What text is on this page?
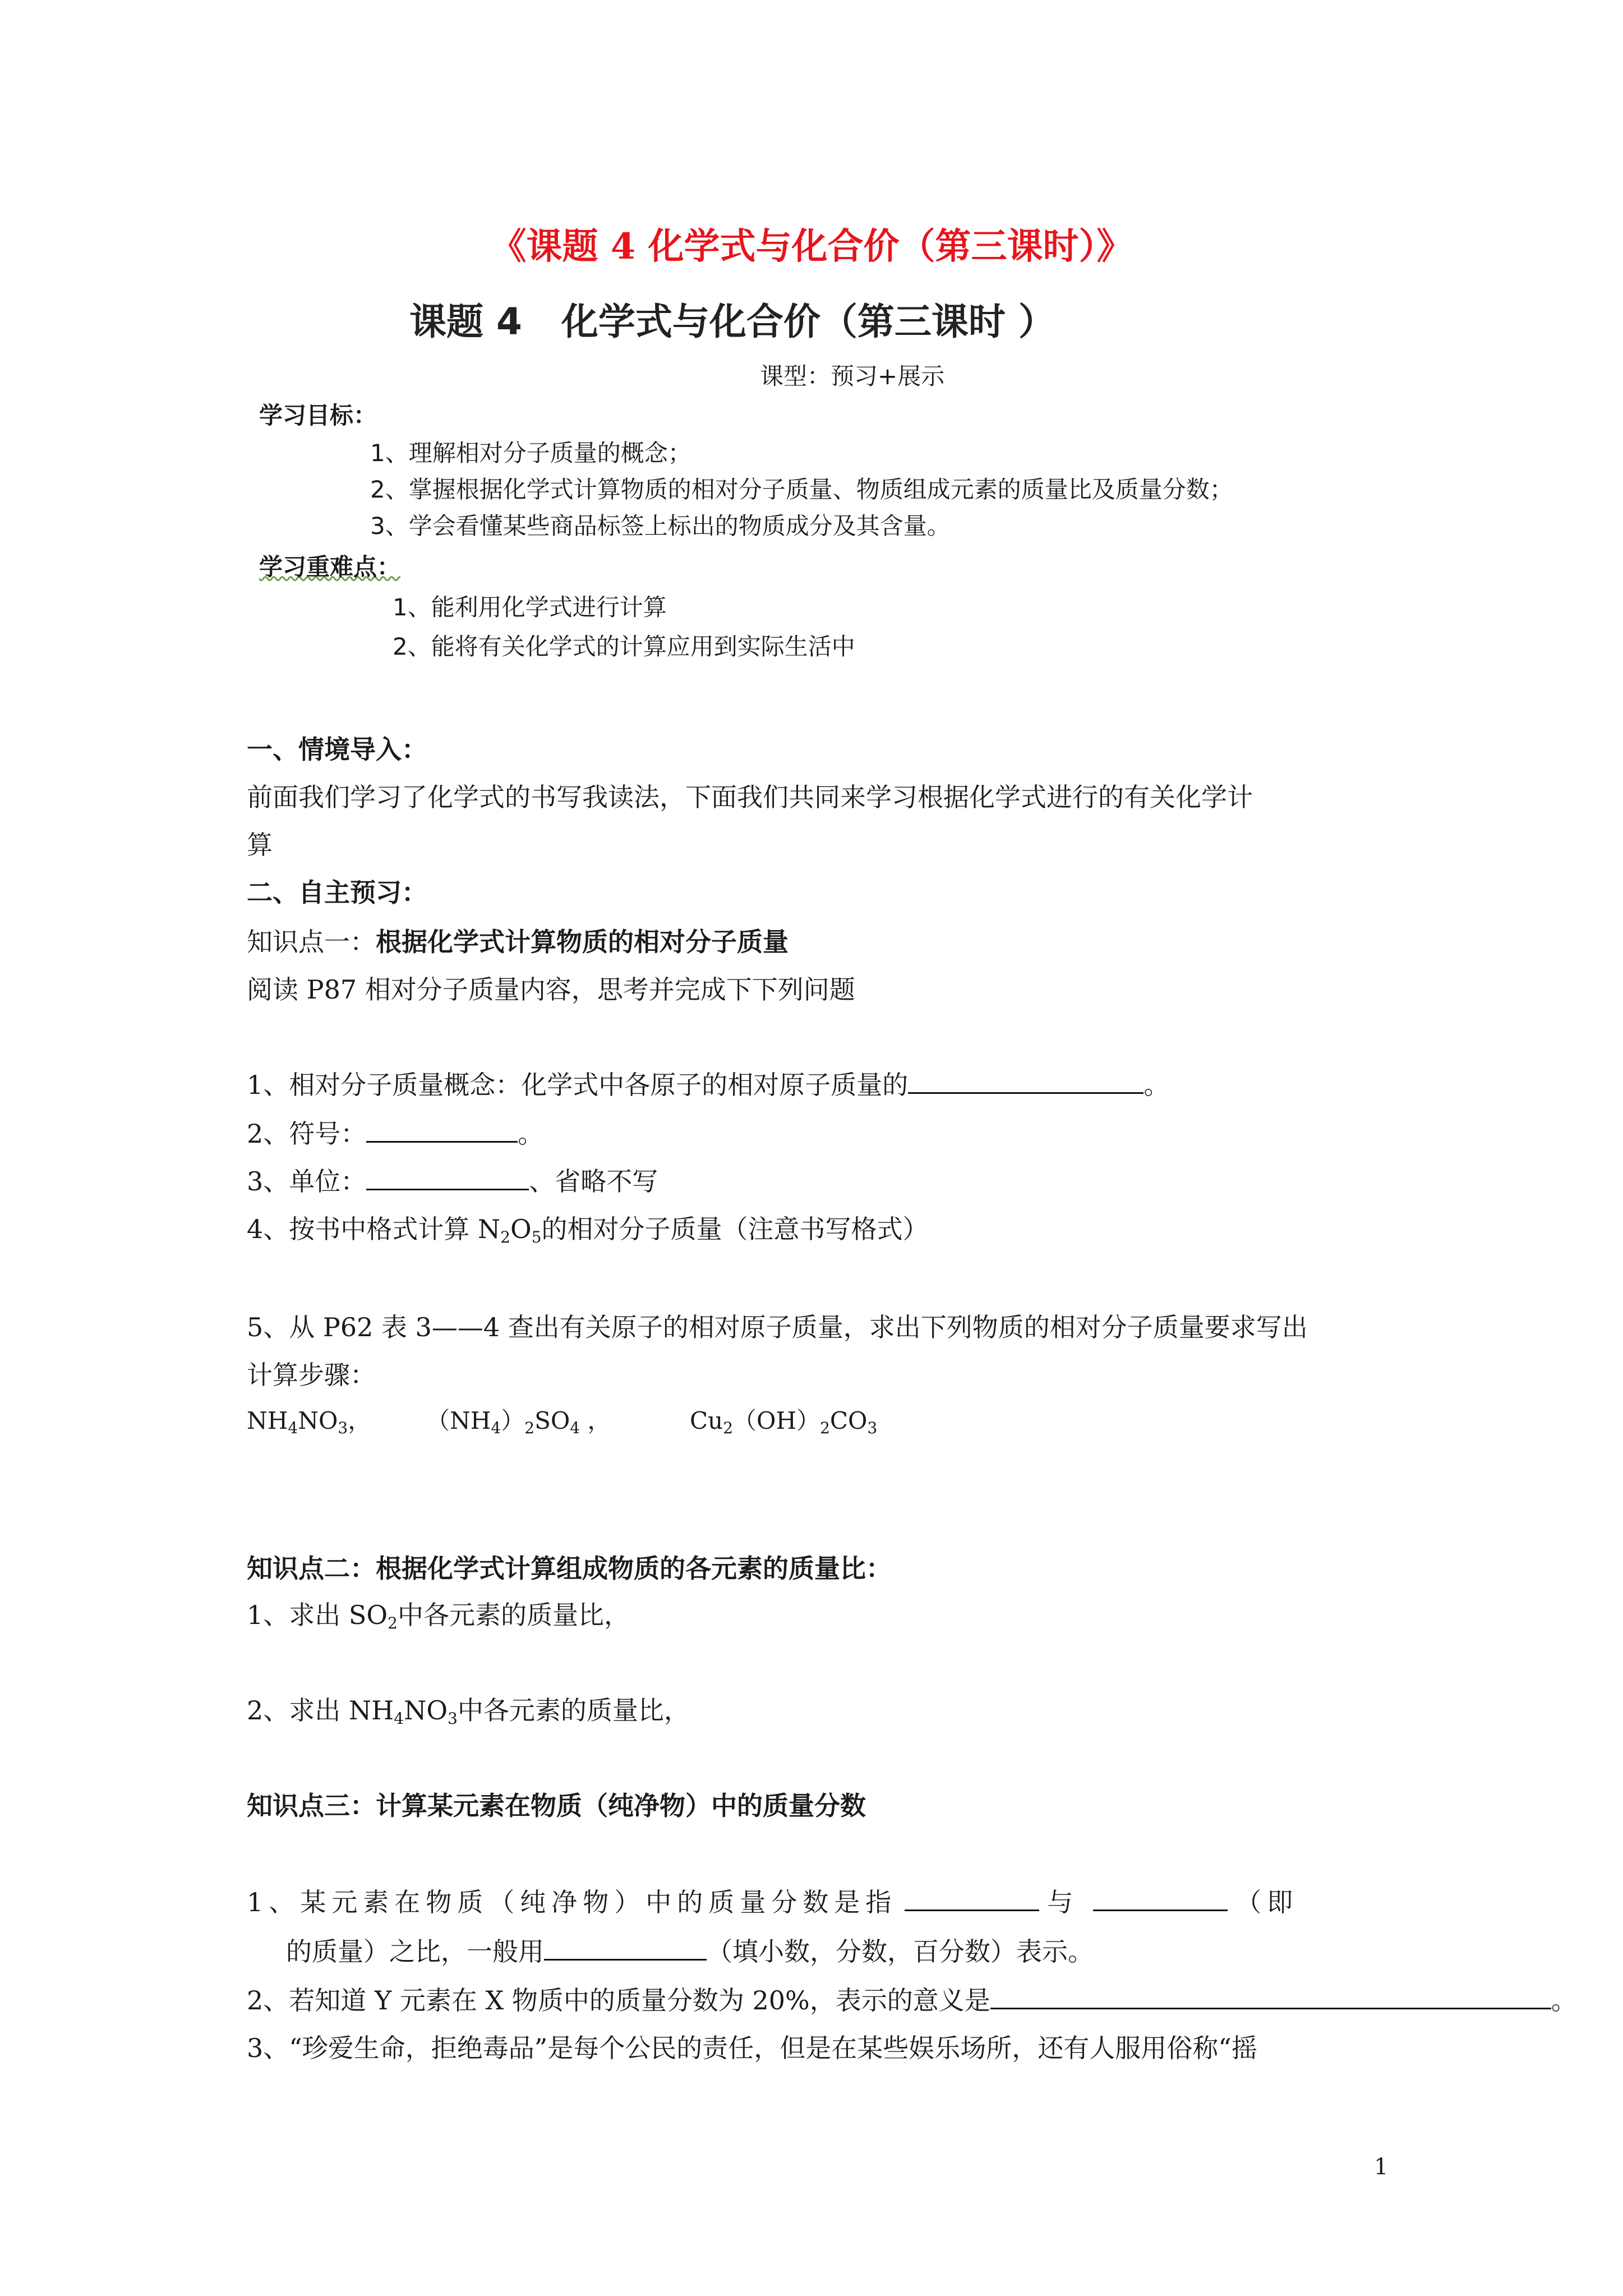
《课题 4 化学式与化合价（第三课时）》
课题 4 化学式与化合价（第三课时 ）
课型：预习+展示
学习目标：
1、理解相对分子质量的概念；
2、掌握根据化学式计算物质的相对分子质量、物质组成元素的质量比及质量分数；
3、学会看懂某些商品标签上标出的物质成分及其含量。
学习重难点：
1、能利用化学式进行计算
2、能将有关化学式的计算应用到实际生活中
一、情境导入：
前面我们学习了化学式的书写我读法，下面我们共同来学习根据化学式进行的有关化学计
算
二、自主预习：
知识点一：根据化学式计算物质的相对分子质量
阅读 P87 相对分子质量内容，思考并完成下下列问题
1、相对分子质量概念：化学式中各原子的相对原子质量的	。
2、符号：	。
3、单位：	、省略不写
4、按书中格式计算 $N_2O_5$的相对分子质量（注意书写格式）
5、从 P62 表 3——4 查出有关原子的相对原子质量，求出下列物质的相对分子质量要求写出
计算步骤：
$NH_4NO_3$， $(NH_4)_2SO_4$ ，	$Cu_2(OH)_2CO_3$
知识点二：根据化学式计算组成物质的各元素的质量比：
1、求出 $SO_2$中各元素的质量比，
2、求出 $NH_4NO_3$中各元素的质量比，
知识点三：计算某元素在物质（纯净物）中的质量分数
1、某元素在物质（纯净物）中的质量分数是指	与	（即
的质量）之比，一般用	（填小数，分数，百分数）表示。
2、若知道 Y 元素在 X 物质中的质量分数为 20%，表示的意义是	。
3、“珍爱生命，拒绝毒品”是每个公民的责任，但是在某些娱乐场所，还有人服用俗称“摇
1
